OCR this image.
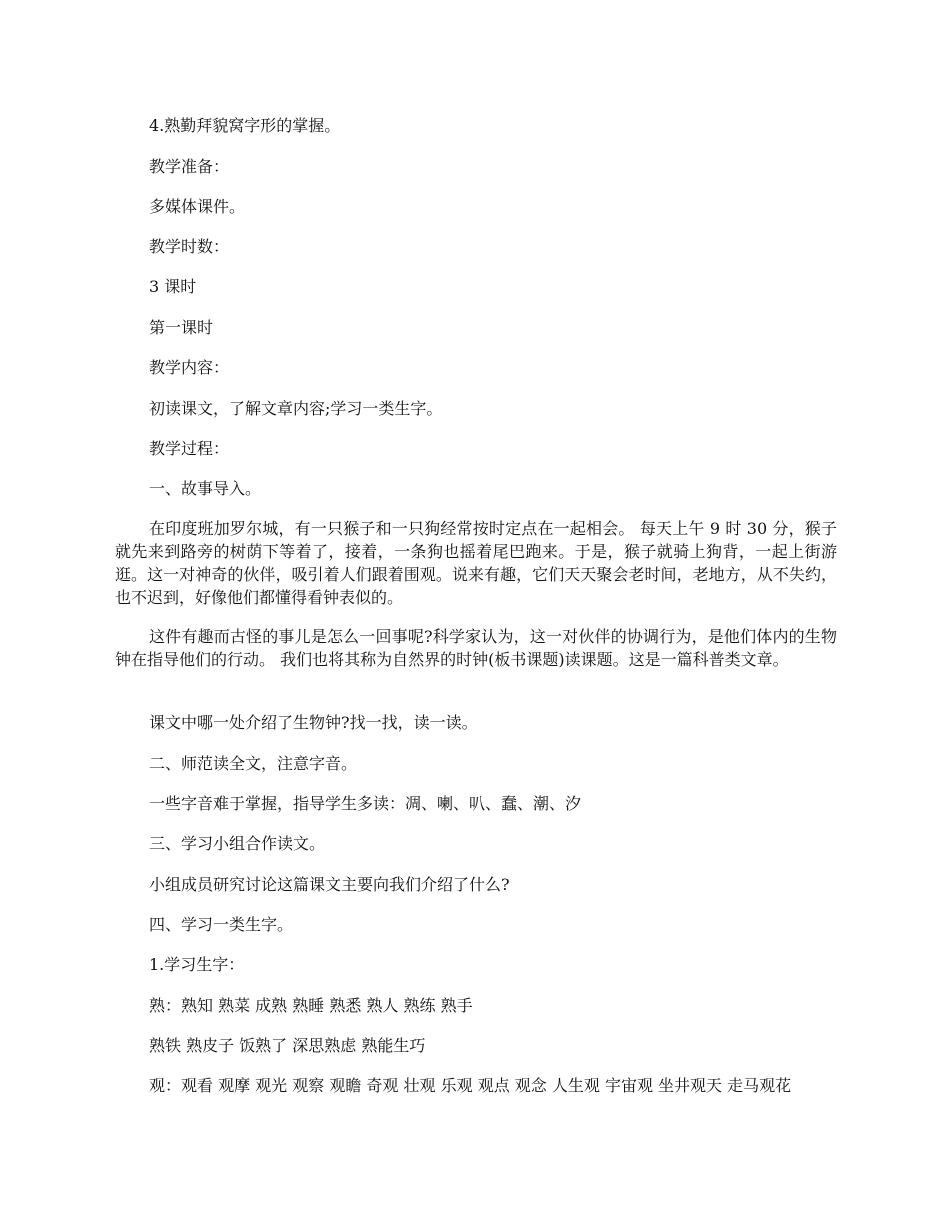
4.熟勤拜貌窝字形的掌握。

教学准备：

多媒体课件。

教学时数：

3 课时

第一课时

教学内容：

初读课文，了解文章内容;学习一类生字。

教学过程：

一、故事导入。

在印度班加罗尔城，有一只猴子和一只狗经常按时定点在一起相会。 每天上午 9 时 30 分，猴子就先来到路旁的树荫下等着了，接着，一条狗也摇着尾巴跑来。于是，猴子就骑上狗背，一起上街游逛。这一对神奇的伙伴，吸引着人们跟着围观。说来有趣，它们天天聚会老时间，老地方，从不失约，也不迟到，好像他们都懂得看钟表似的。

这件有趣而古怪的事儿是怎么一回事呢?科学家认为，这一对伙伴的协调行为，是他们体内的生物钟在指导他们的行动。 我们也将其称为自然界的时钟(板书课题)读课题。这是一篇科普类文章。

课文中哪一处介绍了生物钟?找一找，读一读。

二、师范读全文，注意字音。

一些字音难于掌握，指导学生多读：凋、喇、叭、蠢、潮、汐

三、学习小组合作读文。

小组成员研究讨论这篇课文主要向我们介绍了什么?

四、学习一类生字。

1.学习生字：

熟：熟知 熟菜 成熟 熟睡 熟悉 熟人 熟练 熟手

熟铁 熟皮子 饭熟了 深思熟虑 熟能生巧

观：观看 观摩 观光 观察 观瞻 奇观 壮观 乐观 观点 观念 人生观 宇宙观 坐井观天 走马观花
